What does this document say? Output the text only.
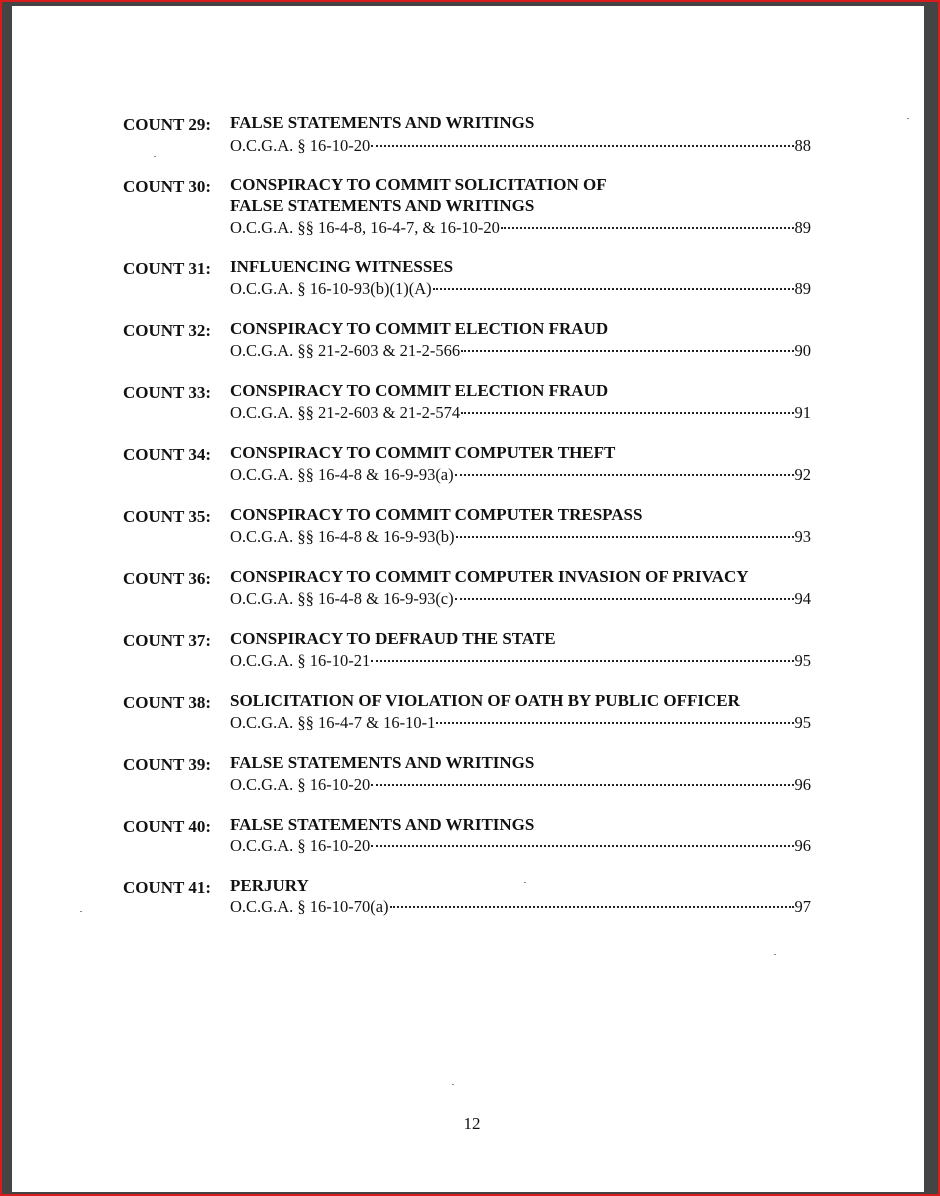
COUNT 29: FALSE STATEMENTS AND WRITINGS
O.C.G.A. § 16-10-20	88
COUNT 30: CONSPIRACY TO COMMIT SOLICITATION OF
FALSE STATEMENTS AND WRITINGS
O.C.G.A. §§ 16-4-8, 16-4-7, & 16-10-20	89
COUNT 31: INFLUENCING WITNESSES
O.C.G.A. § 16-10-93(b)(1)(A)	89
COUNT 32: CONSPIRACY TO COMMIT ELECTION FRAUD
O.C.G.A. §§ 21-2-603 & 21-2-566	90
COUNT 33: CONSPIRACY TO COMMIT ELECTION FRAUD
O.C.G.A. §§ 21-2-603 & 21-2-574	91
COUNT 34: CONSPIRACY TO COMMIT COMPUTER THEFT
O.C.G.A. §§ 16-4-8 & 16-9-93(a)	92
COUNT 35: CONSPIRACY TO COMMIT COMPUTER TRESPASS
O.C.G.A. §§ 16-4-8 & 16-9-93(b)	93
COUNT 36: CONSPIRACY TO COMMIT COMPUTER INVASION OF PRIVACY
O.C.G.A. §§ 16-4-8 & 16-9-93(c)	94
COUNT 37: CONSPIRACY TO DEFRAUD THE STATE
O.C.G.A. § 16-10-21	95
COUNT 38: SOLICITATION OF VIOLATION OF OATH BY PUBLIC OFFICER
O.C.G.A. §§ 16-4-7 & 16-10-1	95
COUNT 39: FALSE STATEMENTS AND WRITINGS
O.C.G.A. § 16-10-20	96
COUNT 40: FALSE STATEMENTS AND WRITINGS
O.C.G.A. § 16-10-20	96
COUNT 41: PERJURY
O.C.G.A. § 16-10-70(a)	97
12
